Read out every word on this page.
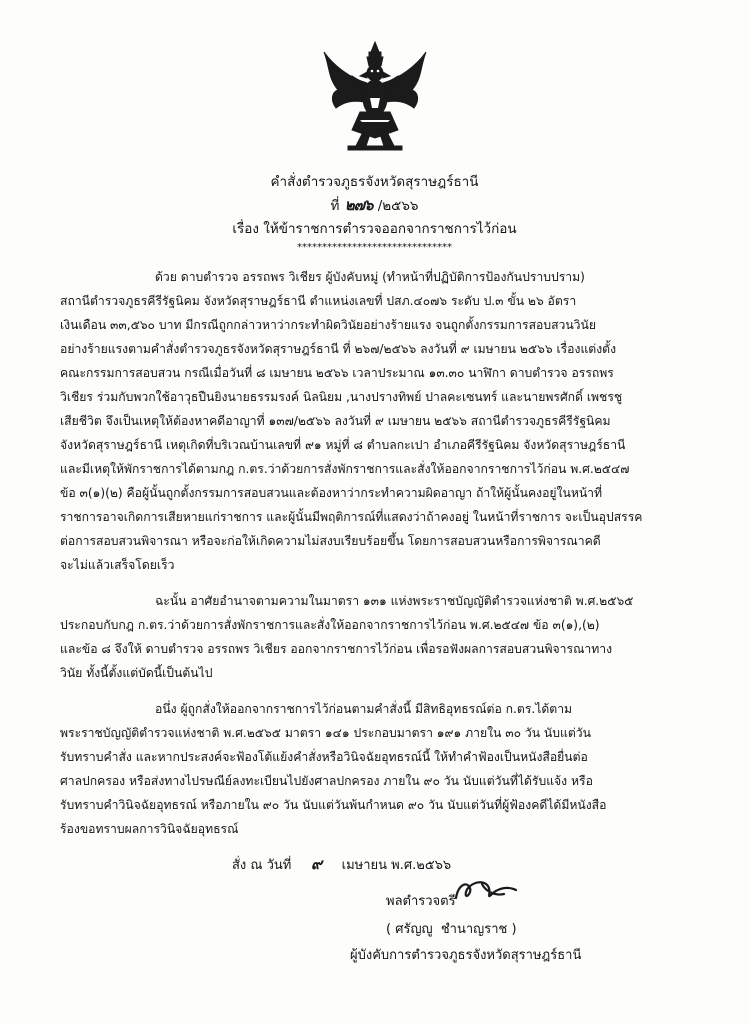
คำสั่งตำรวจภูธรจังหวัดสุราษฎร์ธานี
ที่ ๒๗๖ /๒๕๖๖
เรื่อง ให้ข้าราชการตำรวจออกจากราชการไว้ก่อน
*******************************
ด้วย ดาบตำรวจ อรรถพร วิเชียร ผู้บังคับหมู่ (ทำหน้าที่ปฏิบัติการป้องกันปราบปราม)
สถานีตำรวจภูธรคีรีรัฐนิคม จังหวัดสุราษฎร์ธานี ตำแหน่งเลขที่ ปสภ.๔๐๗๖ ระดับ ป.๓ ขั้น ๒๖ อัตรา
เงินเดือน ๓๓,๕๖๐ บาท มีกรณีถูกกล่าวหาว่ากระทำผิดวินัยอย่างร้ายแรง จนถูกตั้งกรรมการสอบสวนวินัย
อย่างร้ายแรงตามคำสั่งตำรวจภูธรจังหวัดสุราษฎร์ธานี ที่ ๒๖๗/๒๕๖๖ ลงวันที่ ๙ เมษายน ๒๕๖๖ เรื่องแต่งตั้ง
คณะกรรมการสอบสวน กรณีเมื่อวันที่ ๘ เมษายน ๒๕๖๖ เวลาประมาณ ๑๓.๓๐ นาฬิกา ดาบตำรวจ อรรถพร
วิเชียร ร่วมกับพวกใช้อาวุธปืนยิงนายธรรมรงค์ นิลนิยม ,นางปรางทิพย์ ปาลคะเซนทร์ และนายพรศักดิ์ เพชรชู
เสียชีวิต จึงเป็นเหตุให้ต้องหาคดีอาญาที่ ๑๓๗/๒๕๖๖ ลงวันที่ ๙ เมษายน ๒๕๖๖ สถานีตำรวจภูธรคีรีรัฐนิคม
จังหวัดสุราษฎร์ธานี เหตุเกิดที่บริเวณบ้านเลขที่ ๙๑ หมู่ที่ ๘ ตำบลกะเปา อำเภอคีรีรัฐนิคม จังหวัดสุราษฎร์ธานี
และมีเหตุให้พักราชการได้ตามกฎ ก.ตร.ว่าด้วยการสั่งพักราชการและสั่งให้ออกจากราชการไว้ก่อน พ.ศ.๒๕๔๗
ข้อ ๓(๑)(๒) คือผู้นั้นถูกตั้งกรรมการสอบสวนและต้องหาว่ากระทำความผิดอาญา ถ้าให้ผู้นั้นคงอยู่ในหน้าที่
ราชการอาจเกิดการเสียหายแก่ราชการ และผู้นั้นมีพฤติการณ์ที่แสดงว่าถ้าคงอยู่ ในหน้าที่ราชการ จะเป็นอุปสรรค
ต่อการสอบสวนพิจารณา หรือจะก่อให้เกิดความไม่สงบเรียบร้อยขึ้น โดยการสอบสวนหรือการพิจารณาคดี
จะไม่แล้วเสร็จโดยเร็ว
ฉะนั้น อาศัยอำนาจตามความในมาตรา ๑๓๑ แห่งพระราชบัญญัติตำรวจแห่งชาติ พ.ศ.๒๕๖๕
ประกอบกับกฎ ก.ตร.ว่าด้วยการสั่งพักราชการและสั่งให้ออกจากราชการไว้ก่อน พ.ศ.๒๕๔๗ ข้อ ๓(๑),(๒)
และข้อ ๘ จึงให้ ดาบตำรวจ อรรถพร วิเชียร ออกจากราชการไว้ก่อน เพื่อรอฟังผลการสอบสวนพิจารณาทาง
วินัย ทั้งนี้ตั้งแต่บัดนี้เป็นต้นไป
อนึ่ง ผู้ถูกสั่งให้ออกจากราชการไว้ก่อนตามคำสั่งนี้ มีสิทธิอุทธรณ์ต่อ ก.ตร.ได้ตาม
พระราชบัญญัติตำรวจแห่งชาติ พ.ศ.๒๕๖๕ มาตรา ๑๔๑ ประกอบมาตรา ๑๙๑ ภายใน ๓๐ วัน นับแต่วัน
รับทราบคำสั่ง และหากประสงค์จะฟ้องโต้แย้งคำสั่งหรือวินิจฉัยอุทธรณ์นี้ ให้ทำคำฟ้องเป็นหนังสือยื่นต่อ
ศาลปกครอง หรือส่งทางไปรษณีย์ลงทะเบียนไปยังศาลปกครอง ภายใน ๙๐ วัน นับแต่วันที่ได้รับแจ้ง หรือ
รับทราบคำวินิจฉัยอุทธรณ์ หรือภายใน ๙๐ วัน นับแต่วันพ้นกำหนด ๙๐ วัน นับแต่วันที่ผู้ฟ้องคดีได้มีหนังสือ
ร้องขอทราบผลการวินิจฉัยอุทธรณ์
สั่ง ณ วันที่ ๙ เมษายน พ.ศ.๒๕๖๖
พลตำรวจตรี
( ศรัญญู  ชำนาญราช )
ผู้บังคับการตำรวจภูธรจังหวัดสุราษฎร์ธานี
